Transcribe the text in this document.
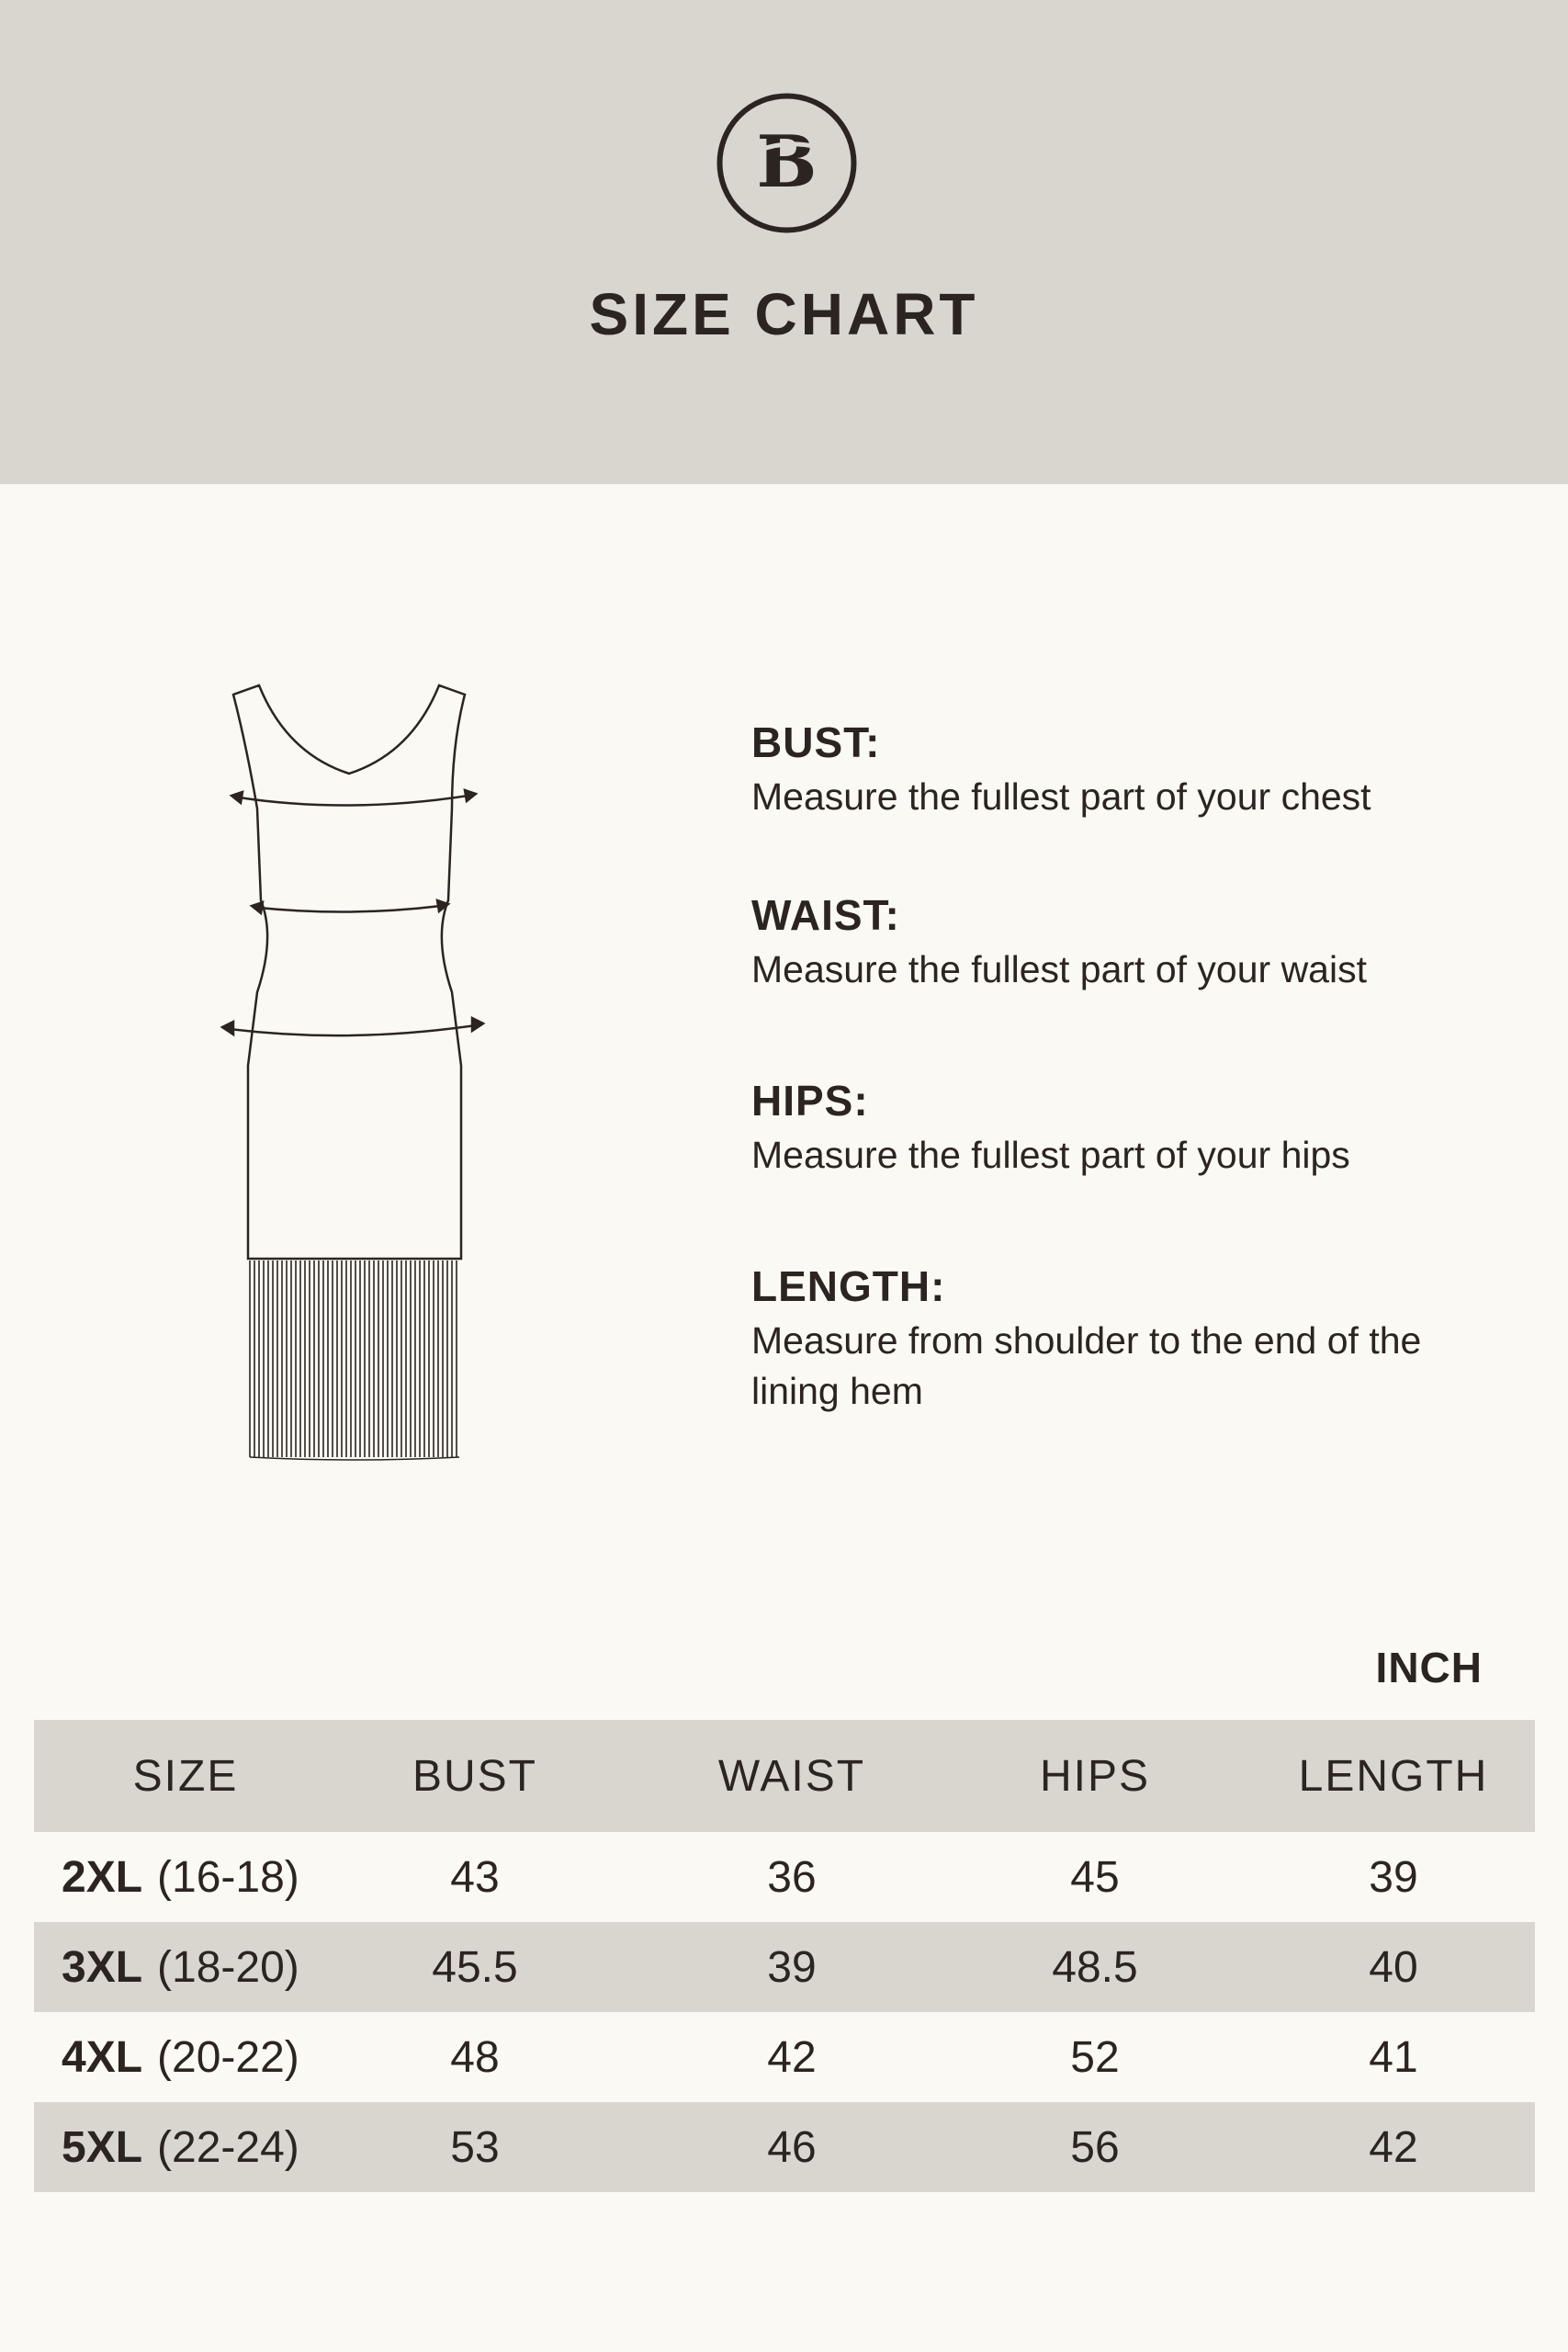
B
SIZE CHART
BUST:
Measure the fullest part of your chest
WAIST:
Measure the fullest part of your waist
HIPS:
Measure the fullest part of your hips
LENGTH:
Measure from shoulder to the end of the lining hem
INCH
SIZE	BUST	WAIST	HIPS	LENGTH
2XL (16-18)	43	36	45	39
3XL (18-20)	45.5	39	48.5	40
4XL (20-22)	48	42	52	41
5XL (22-24)	53	46	56	42
